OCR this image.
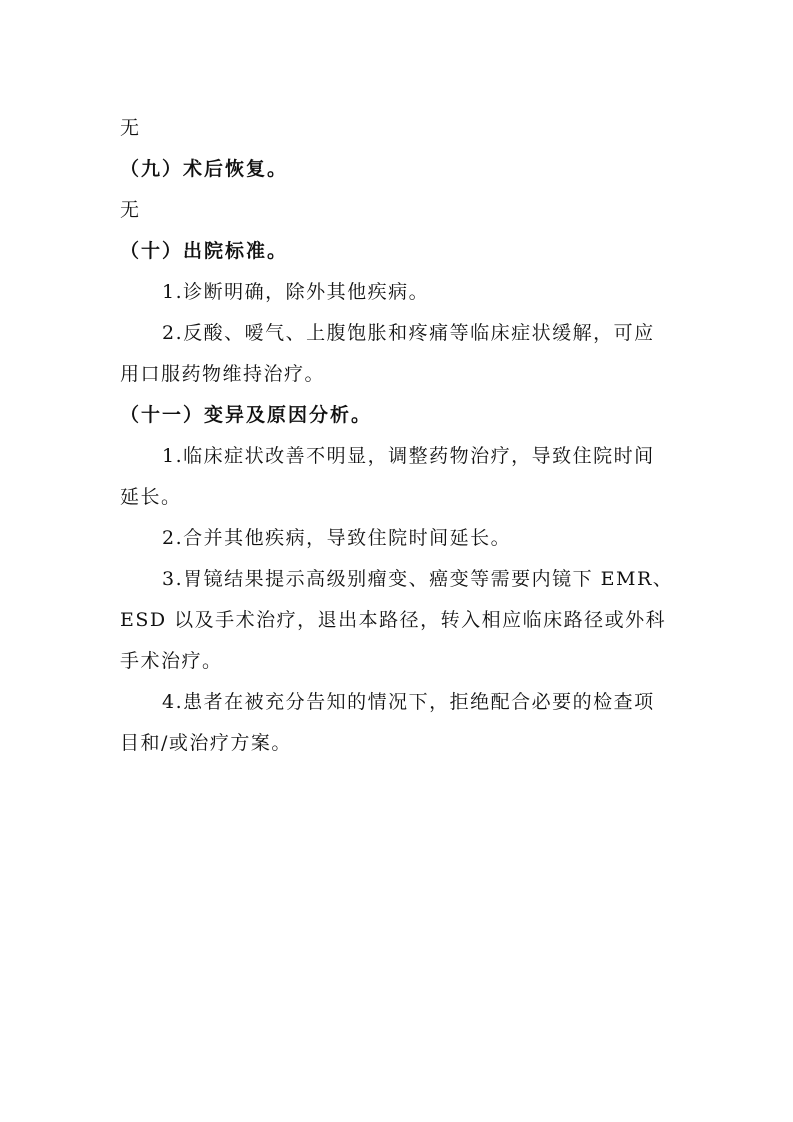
无
（九）术后恢复。
无
（十）出院标准。
1.诊断明确，除外其他疾病。
2.反酸、嗳气、上腹饱胀和疼痛等临床症状缓解，可应
用口服药物维持治疗。
（十一）变异及原因分析。
1.临床症状改善不明显，调整药物治疗，导致住院时间
延长。
2.合并其他疾病，导致住院时间延长。
3.胃镜结果提示高级别瘤变、癌变等需要内镜下 EMR、
ESD 以及手术治疗，退出本路径，转入相应临床路径或外科
手术治疗。
4.患者在被充分告知的情况下，拒绝配合必要的检查项
目和/或治疗方案。
